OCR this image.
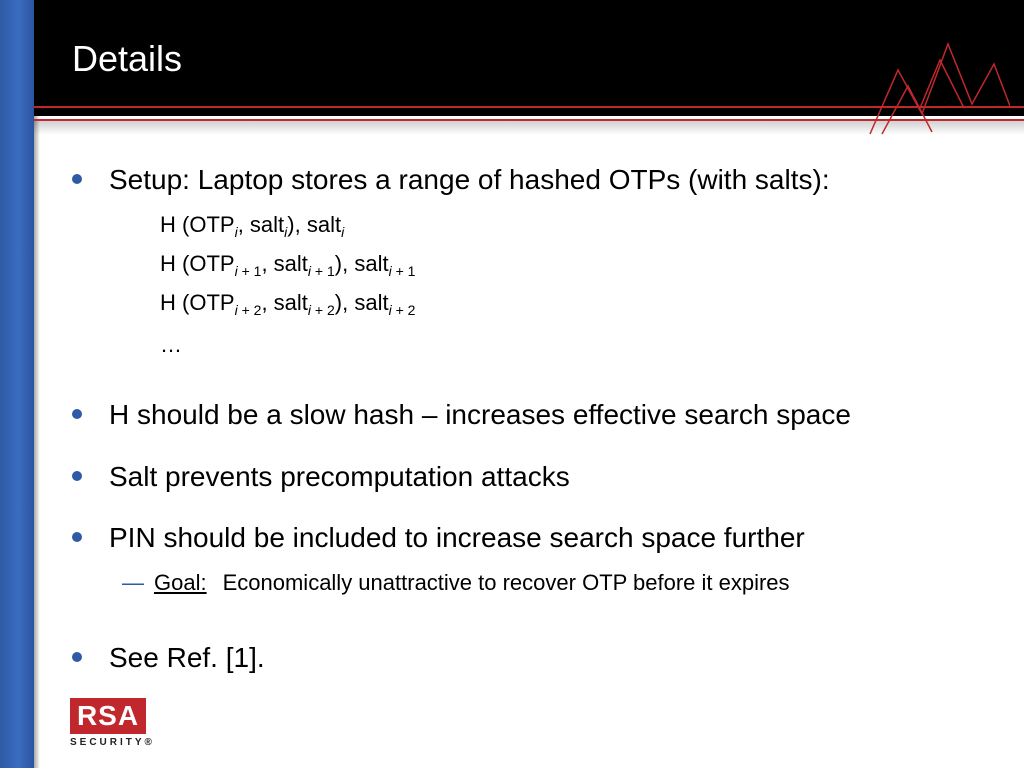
Details
Setup: Laptop stores a range of hashed OTPs (with salts):
H ($OTP_i$, salt$_i$), salt$_i$
H ($OTP_{i + 1}$, salt$_{i + 1}$), salt$_{i + 1}$
H ($OTP_{i + 2}$, salt$_{i + 2}$), salt$_{i + 2}$
…
H should be a slow hash – increases effective search space
Salt prevents precomputation attacks
PIN should be included to increase search space further
— Goal: Economically unattractive to recover OTP before it expires
See Ref. [1].
RSA
SECURITY®
